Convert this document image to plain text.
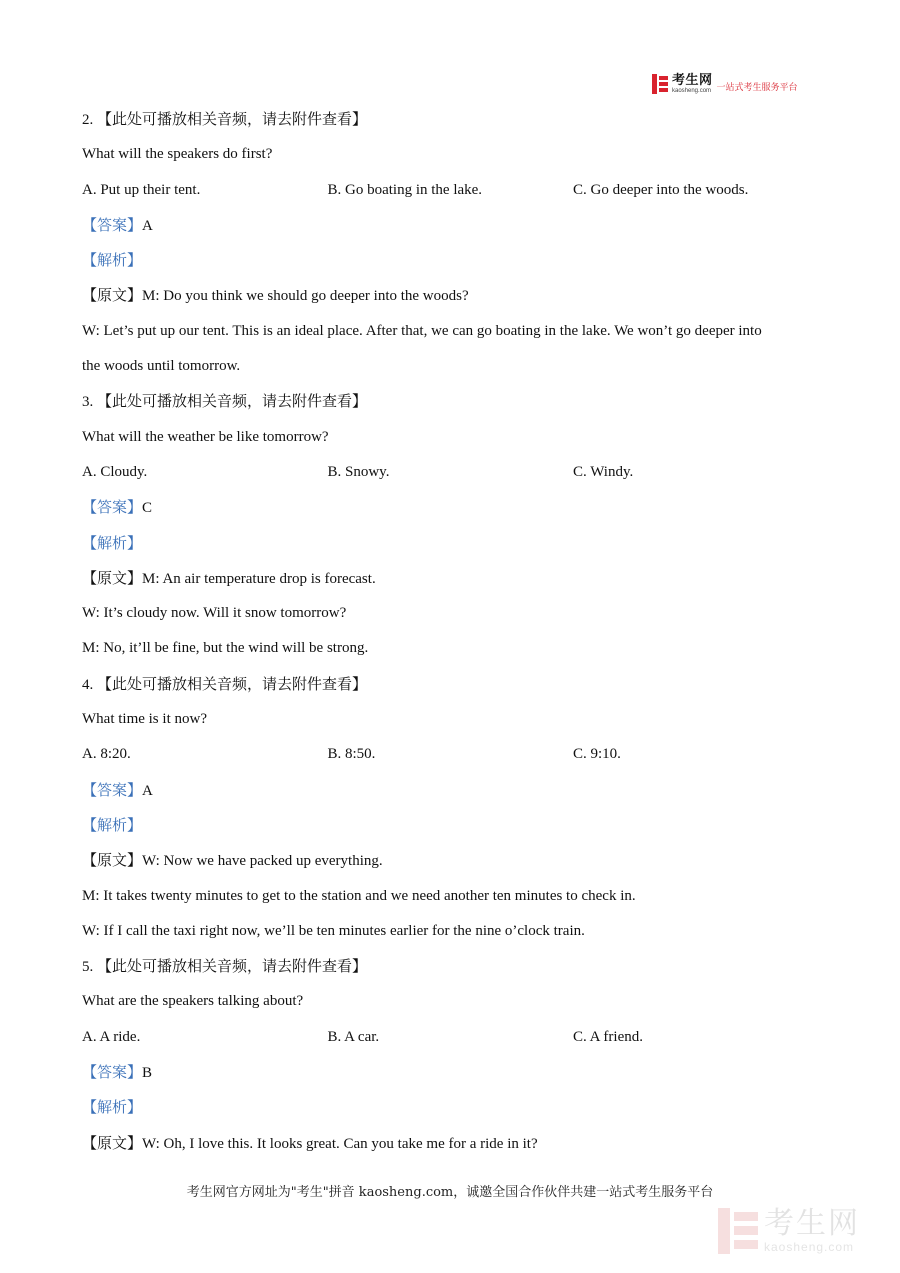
考生网
kaosheng.com 一站式考生服务平台
2. 【此处可播放相关音频，请去附件查看】
What will the speakers do first?
A. Put up their tent.	B. Go boating in the lake.	C. Go deeper into the woods.
【答案】A
【解析】
【原文】M: Do you think we should go deeper into the woods?
W: Let’s put up our tent. This is an ideal place. After that, we can go boating in the lake. We won’t go deeper into
the woods until tomorrow.
3. 【此处可播放相关音频，请去附件查看】
What will the weather be like tomorrow?
A. Cloudy.	B. Snowy.	C. Windy.
【答案】C
【解析】
【原文】M: An air temperature drop is forecast.
W: It’s cloudy now. Will it snow tomorrow?
M: No, it’ll be fine, but the wind will be strong.
4. 【此处可播放相关音频，请去附件查看】
What time is it now?
A. 8:20.	B. 8:50.	C. 9:10.
【答案】A
【解析】
【原文】W: Now we have packed up everything.
M: It takes twenty minutes to get to the station and we need another ten minutes to check in.
W: If I call the taxi right now, we’ll be ten minutes earlier for the nine o’clock train.
5. 【此处可播放相关音频，请去附件查看】
What are the speakers talking about?
A. A ride.	B. A car.	C. A friend.
【答案】B
【解析】
【原文】W: Oh, I love this. It looks great. Can you take me for a ride in it?
考生网官方网址为"考生"拼音 kaosheng.com，诚邀全国合作伙伴共建一站式考生服务平台
考生网
kaosheng.com
